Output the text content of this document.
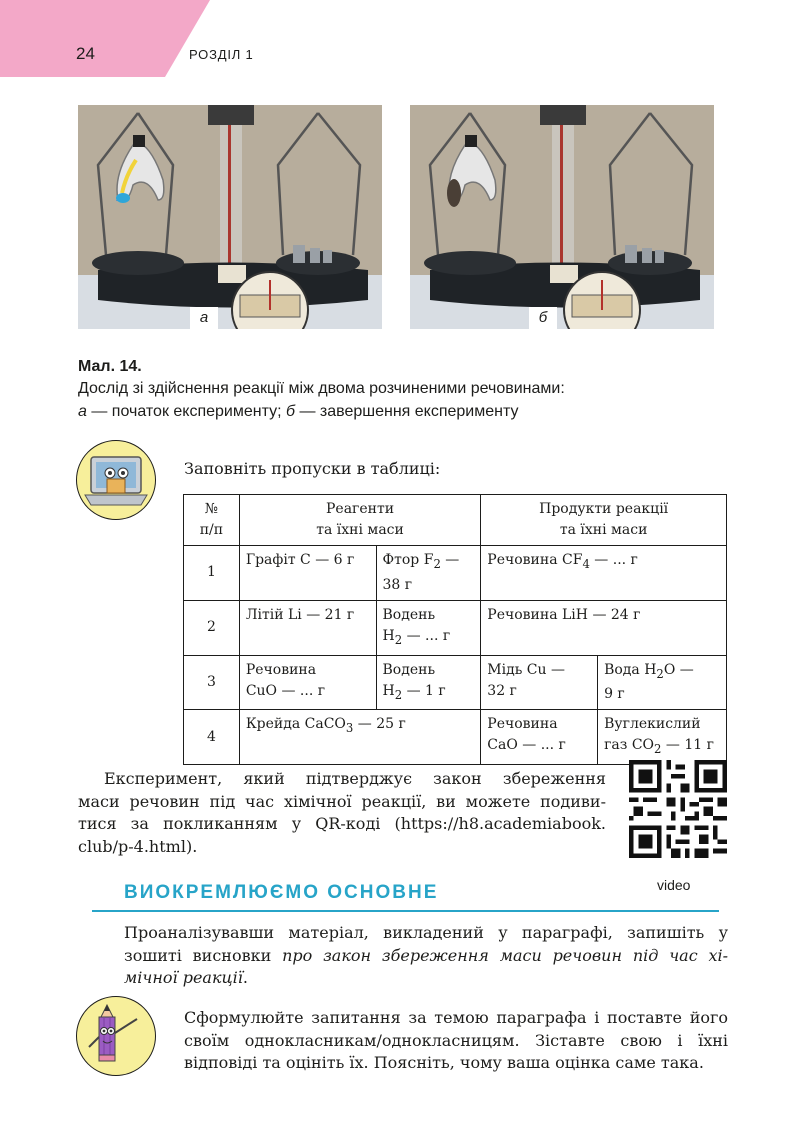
24	РОЗДІЛ 1
а	б
Мал. 14.
Дослід зі здійснення реакції між двома розчиненими речовинами:
а — початок експерименту; б — завершення експерименту
Заповніть пропуски в таблиці:
№
п/п	Реагенти
та їхні маси		Продукти реакції
та їхні маси	
1	Графіт С — 6 г	Фтор $F_2$ —
38 г	Речовина $CF_4$ — ... г	
2	Літій Li — 21 г	Водень
$H_2$ — ... г	Речовина LiH — 24 г	
3	Речовина
CuO — ... г	Водень
$H_2$ — 1 г	Мідь Cu —
32 г	Вода $H_2O$ —
9 г
4	Крейда CaCO$_3$ — 25 г		Речовина
CaO — ... г	Вуглекислий
газ $CO_2$ — 11 г
Експеримент, який підтверджує закон збереження
маси речовин під час хімічної реакції, ви можете подиви-
тися за покликанням у QR-коді (https://h8.academiabook.
club/p-4.html).
video
ВИОКРЕМЛЮЄМО ОСНОВНЕ
Проаналізувавши матеріал, викладений у параграфі, запишіть у
зошиті висновки про закон збереження маси речовин під час хі-
мічної реакції.
Сформулюйте запитання за темою параграфа і поставте його
своїм однокласникам/однокласницям. Зіставте свою і їхні
відповіді та оцініть їх. Поясніть, чому ваша оцінка саме така.
